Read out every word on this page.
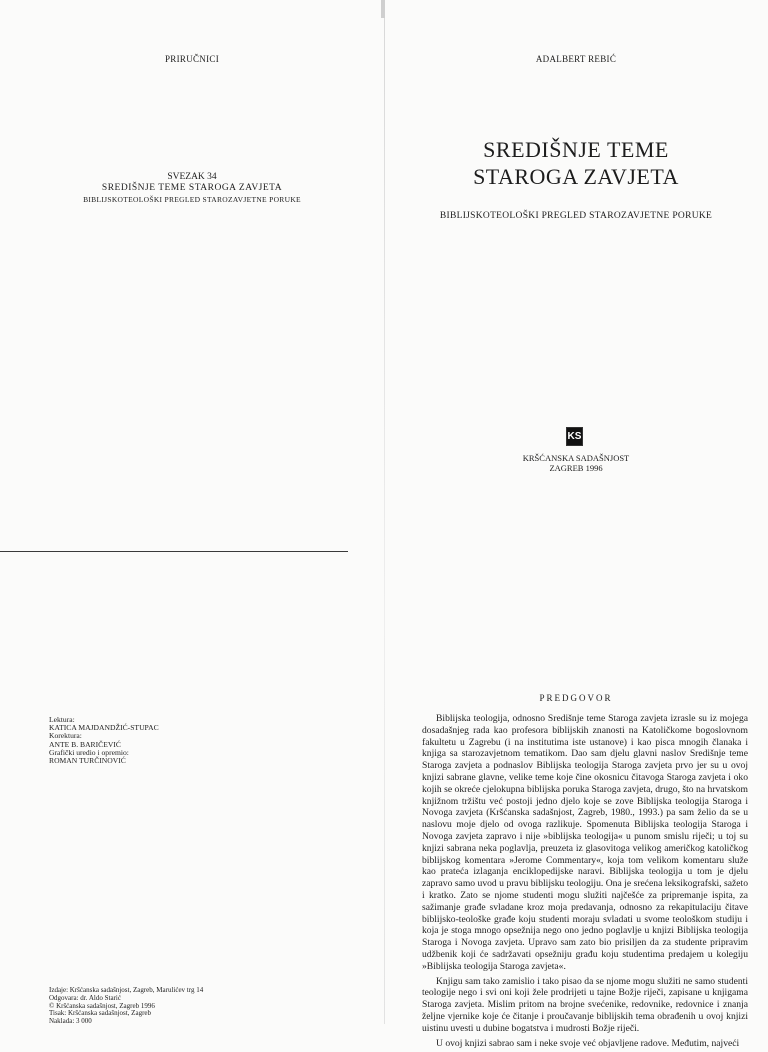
PRIRUČNICI
SVEZAK 34
SREDIŠNJE TEME STAROGA ZAVJETA
BIBLIJSKOTEOLOŠKI PREGLED STAROZAVJETNE PORUKE
Lektura:
KATICA MAJDANDŽIĆ-STUPAC
Korektura:
ANTE B. BARIČEVIĆ
Grafički uredio i opremio:
ROMAN TURČINOVIĆ
Izdaje: Kršćanska sadašnjost, Zagreb, Marulićev trg 14
Odgovara: dr. Aldo Starić
© Kršćanska sadašnjost, Zagreb 1996
Tisak: Kršćanska sadašnjost, Zagreb
Naklada: 3 000
ADALBERT REBIĆ
SREDIŠNJE TEME
STAROGA ZAVJETA
BIBLIJSKOTEOLOŠKI PREGLED STAROZAVJETNE PORUKE
KS
KRŠĆANSKA SADAŠNJOST
ZAGREB 1996
PREDGOVOR

Biblijska teologija, odnosno Središnje teme Staroga zavjeta izrasle su iz mojega dosadašnjeg rada kao profesora biblijskih znanosti na Katoličkome bogoslovnom fakultetu u Zagrebu (i na institutima iste ustanove) i kao pisca mnogih članaka i knjiga sa starozavjetnom tematikom. Dao sam djelu glavni naslov Središnje teme Staroga zavjeta a podnaslov Biblijska teologija Staroga zavjeta prvo jer su u ovoj knjizi sabrane glavne, velike teme koje čine okosnicu čitavoga Staroga zavjeta i oko kojih se okreće cjelokupna biblijska poruka Staroga zavjeta, drugo, što na hrvatskom knjižnom tržištu već postoji jedno djelo koje se zove Biblijska teologija Staroga i Novoga zavjeta (Kršćanska sadašnjost, Zagreb, 1980., 1993.) pa sam želio da se u naslovu moje djelo od ovoga razlikuje. Spomenuta Biblijska teologija Staroga i Novoga zavjeta zapravo i nije »biblijska teologija« u punom smislu riječi; u toj su knjizi sabrana neka poglavlja, preuzeta iz glasovitoga velikog američkog katoličkog biblijskog komentara »Jerome Commentary«, koja tom velikom komentaru služe kao prateća izlaganja enciklopedijske naravi. Biblijska teologija u tom je djelu zapravo samo uvod u pravu biblijsku teologiju. Ona je srećena leksikografski, sažeto i kratko. Zato se njome studenti mogu služiti najčešće za pripremanje ispita, za sažimanje građe svladane kroz moja predavanja, odnosno za rekapitulaciju čitave biblijsko-teološke građe koju studenti moraju svladati u svome teološkom studiju i koja je stoga mnogo opsežnija nego ono jedno poglavlje u knjizi Biblijska teologija Staroga i Novoga zavjeta. Upravo sam zato bio prisiljen da za studente pripravim udžbenik koji će sadržavati opsežniju građu koju studentima predajem u kolegiju »Biblijska teologija Staroga zavjeta«.

Knjigu sam tako zamislio i tako pisao da se njome mogu služiti ne samo studenti teologije nego i svi oni koji žele prodrijeti u tajne Božje riječi, zapisane u knjigama Staroga zavjeta. Mislim pritom na brojne svećenike, redovnike, redovnice i znanja željne vjernike koje će čitanje i proučavanje biblijskih tema obrađenih u ovoj knjizi uistinu uvesti u dubine bogatstva i mudrosti Božje riječi.

U ovoj knjizi sabrao sam i neke svoje već objavljene radove. Međutim, najveći
